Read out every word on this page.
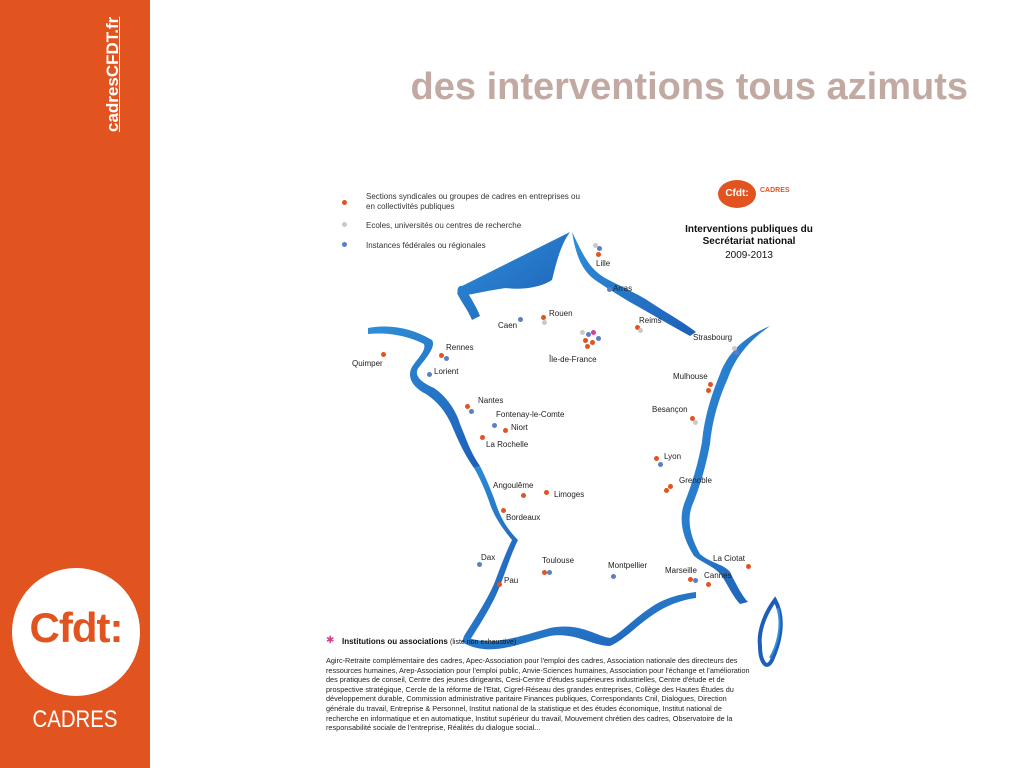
cadresCFDT.fr
Cfdt:
CADRES
des interventions tous azimuts
Sections syndicales ou groupes de cadres en entreprises ou en collectivités publiques
Ecoles, universités ou centres de recherche
Instances fédérales ou régionales
Cfdt:	CADRES
Interventions publiques du Secrétariat national
2009-2013
Lille
Arras
Rouen
Caen
Reims
Strasbourg
Île-de-France
Rennes
Quimper
Lorient
Mulhouse
Nantes
Besançon
Fontenay-le-Comte
Niort
La Rochelle
Lyon
Grenoble
Angoulême
Limoges
Bordeaux
Dax	Toulouse
Montpellier
La Ciotat
Marseille
Cannes
Pau
✱ Institutions ou associations (liste non exhaustive)
Agirc-Retraite complémentaire des cadres, Apec-Association pour l'emploi des cadres, Association nationale des directeurs des ressources humaines, Arep-Association pour l'emploi public, Anvie-Sciences humaines, Association pour l'échange et l'amélioration des pratiques de conseil, Centre des jeunes dirigeants, Cesi-Centre d'études supérieures industrielles, Centre d'étude et de prospective stratégique, Cercle de la réforme de l'Etat, Cigref-Réseau des grandes entreprises, Collège des Hautes Études du développement durable, Commission administrative paritaire Finances publiques, Correspondants Cnil, Dialogues, Direction générale du travail, Entreprise & Personnel, Institut national de la statistique et des études économique, Institut national de recherche en informatique et en automatique, Institut supérieur du travail, Mouvement chrétien des cadres, Observatoire de la responsabilité sociale de l'entreprise, Réalités du dialogue social...
